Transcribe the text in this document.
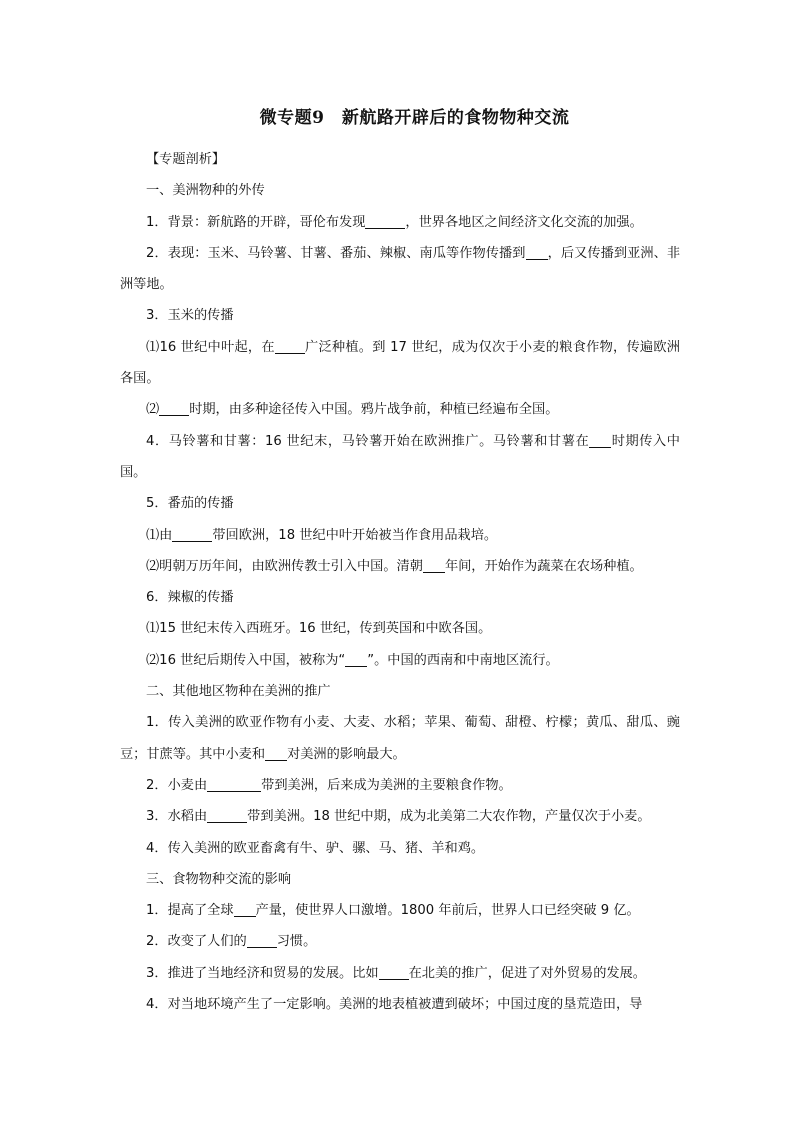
微专题9　新航路开辟后的食物物种交流

【专题剖析】

一、美洲物种的外传

1．背景：新航路的开辟，哥伦布发现	，世界各地区之间经济文化交流的加强。

2．表现：玉米、马铃薯、甘薯、番茄、辣椒、南瓜等作物传播到 ，后又传播到亚洲、非洲等地。

3．玉米的传播

⑴16 世纪中叶起，在 广泛种植。到 17 世纪，成为仅次于小麦的粮食作物，传遍欧洲各国。

⑵ 时期，由多种途径传入中国。鸦片战争前，种植已经遍布全国。

4．马铃薯和甘薯：16 世纪末，马铃薯开始在欧洲推广。马铃薯和甘薯在 时期传入中国。

5．番茄的传播

⑴由	带回欧洲，18 世纪中叶开始被当作食用品栽培。

⑵明朝万历年间，由欧洲传教士引入中国。清朝 年间，开始作为蔬菜在农场种植。

6．辣椒的传播

⑴15 世纪末传入西班牙。16 世纪，传到英国和中欧各国。

⑵16 世纪后期传入中国，被称为“ ”。中国的西南和中南地区流行。

二、其他地区物种在美洲的推广

1．传入美洲的欧亚作物有小麦、大麦、水稻；苹果、葡萄、甜橙、柠檬；黄瓜、甜瓜、豌豆；甘蔗等。其中小麦和 对美洲的影响最大。

2．小麦由	带到美洲，后来成为美洲的主要粮食作物。

3．水稻由	带到美洲。18 世纪中期，成为北美第二大农作物，产量仅次于小麦。

4．传入美洲的欧亚畜禽有牛、驴、骡、马、猪、羊和鸡。

三、食物物种交流的影响

1．提高了全球 产量，使世界人口激增。1800 年前后，世界人口已经突破 9 亿。

2．改变了人们的 习惯。

3．推进了当地经济和贸易的发展。比如 在北美的推广，促进了对外贸易的发展。

4．对当地环境产生了一定影响。美洲的地表植被遭到破坏；中国过度的垦荒造田，导
